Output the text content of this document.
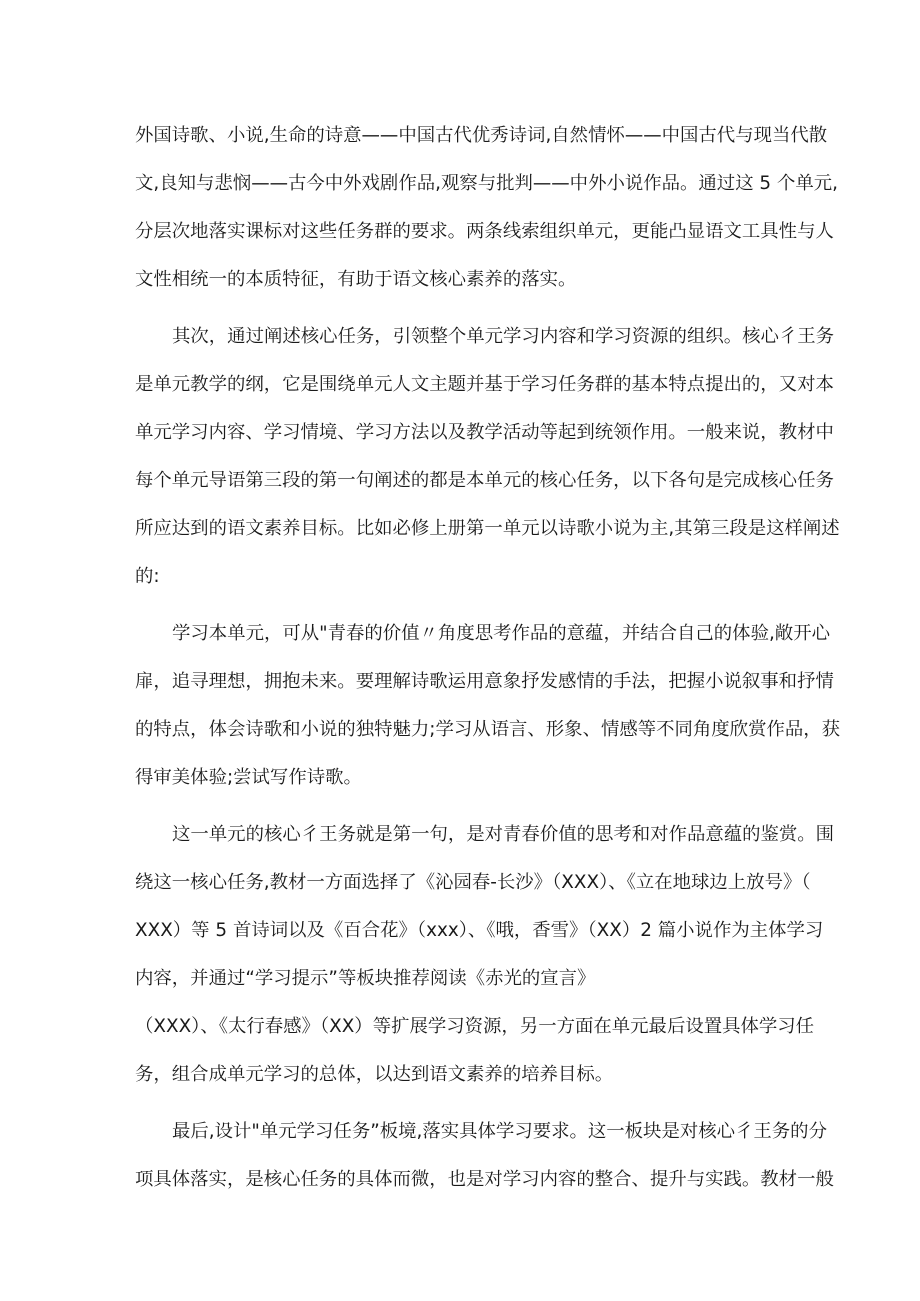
外国诗歌、小说,生命的诗意——中国古代优秀诗词,自然情怀——中国古代与现当代散
文,良知与悲悯——古今中外戏剧作品,观察与批判——中外小说作品。通过这 5 个单元,
分层次地落实课标对这些任务群的要求。两条线索组织单元，更能凸显语文工具性与人
文性相统一的本质特征，有助于语文核心素养的落实。
其次，通过阐述核心任务，引领整个单元学习内容和学习资源的组织。核心彳王务
是单元教学的纲，它是围绕单元人文主题并基于学习任务群的基本特点提出的，又对本
单元学习内容、学习情境、学习方法以及教学活动等起到统领作用。一般来说，教材中
每个单元导语第三段的第一句阐述的都是本单元的核心任务，以下各句是完成核心任务
所应达到的语文素养目标。比如必修上册第一单元以诗歌小说为主,其第三段是这样阐述
的:
学习本单元，可从"青春的价值〃角度思考作品的意蕴，并结合自己的体验,敞开心
扉，追寻理想，拥抱未来。要理解诗歌运用意象抒发感情的手法，把握小说叙事和抒情
的特点，体会诗歌和小说的独特魅力;学习从语言、形象、情感等不同角度欣赏作品，获
得审美体验;尝试写作诗歌。
这一单元的核心彳王务就是第一句，是对青春价值的思考和对作品意蕴的鉴赏。围
绕这一核心任务,教材一方面选择了《沁园春-长沙》（XXX）、《立在地球边上放号》（
XXX）等 5 首诗词以及《百合花》（xxx）、《哦，香雪》（XX）2 篇小说作为主体学习
内容，并通过“学习提示”等板块推荐阅读《赤光的宣言》
（XXX）、《太行春感》（XX）等扩展学习资源，另一方面在单元最后设置具体学习任
务，组合成单元学习的总体，以达到语文素养的培养目标。
最后,设计"单元学习任务”板境,落实具体学习要求。这一板块是对核心彳王务的分
项具体落实，是核心任务的具体而微，也是对学习内容的整合、提升与实践。教材一般
